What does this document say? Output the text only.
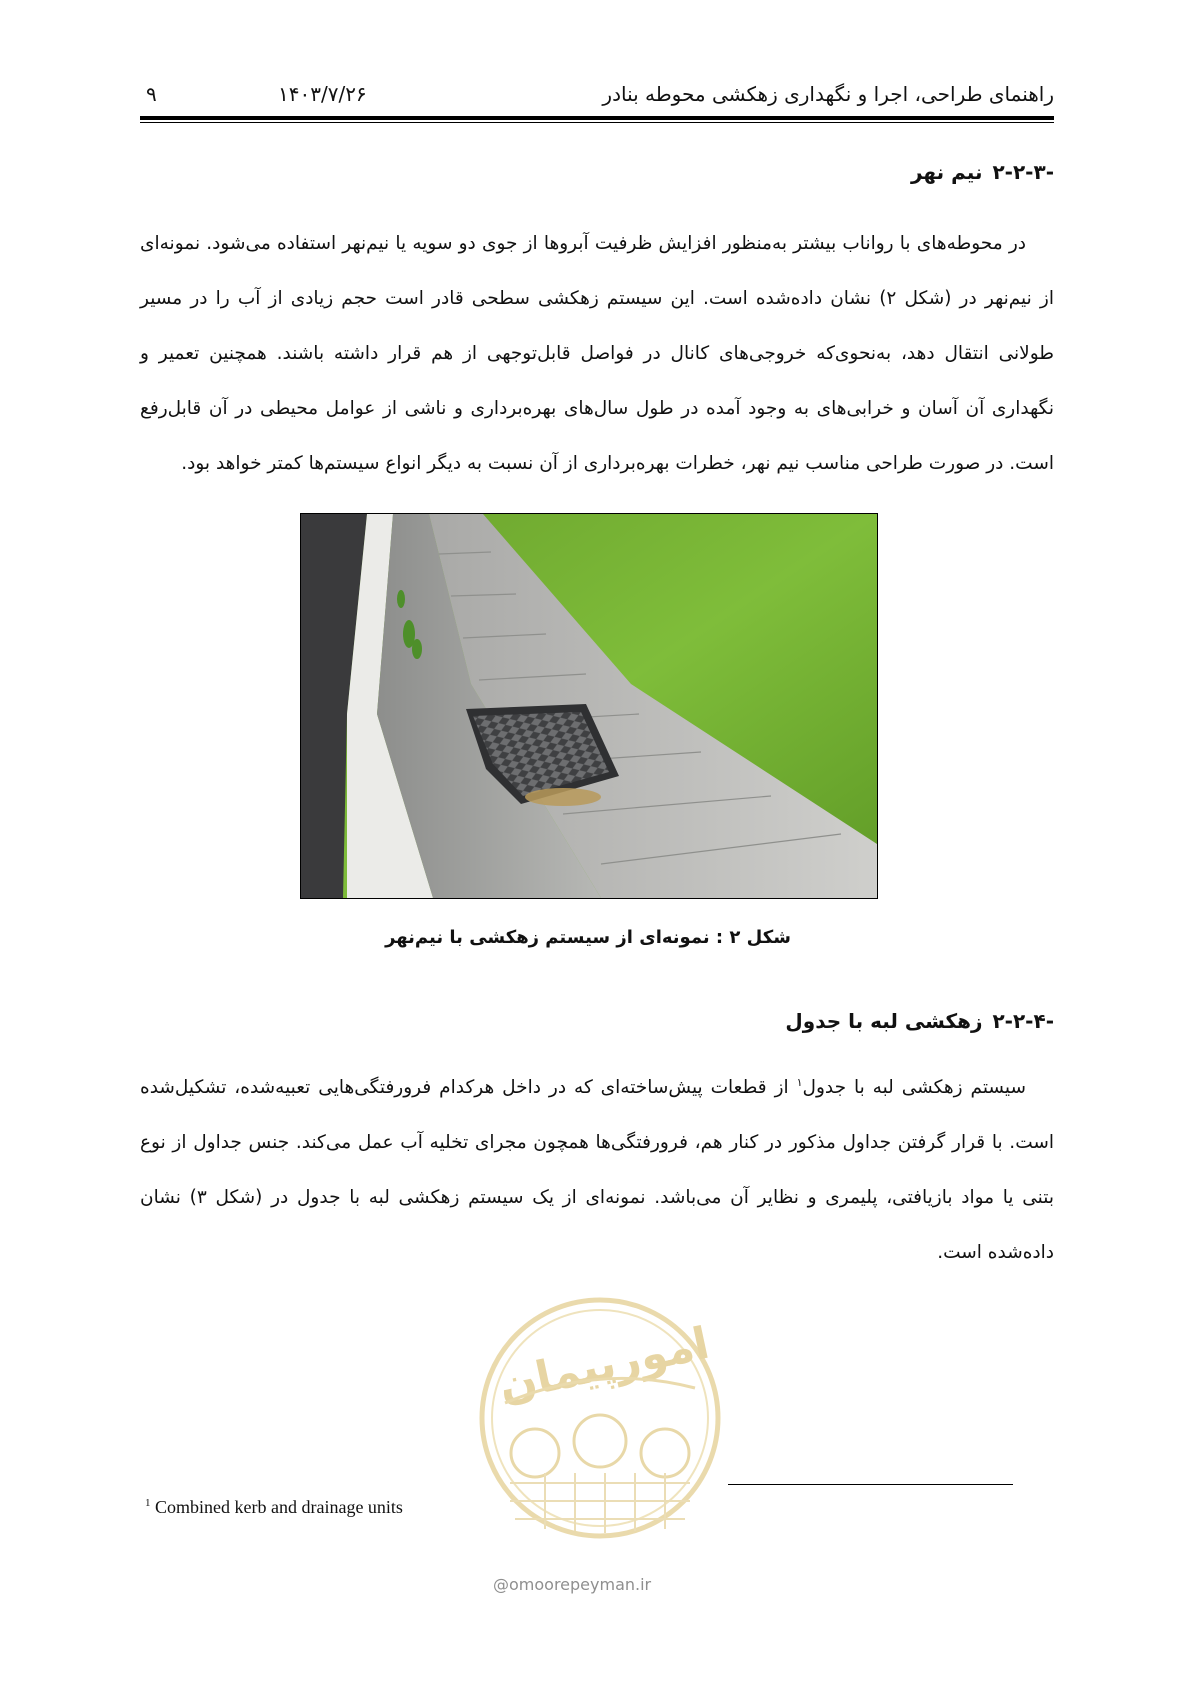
راهنمای طراحی، اجرا و نگهداری زهکشی محوطه بنادر
۱۴۰۳/۷/۲۶
۹
۲-۲-۳-نیم نهر
در محوطه‌های با رواناب بیشتر به‌منظور افزایش ظرفیت آبروها از جوی دو سویه یا نیم‌نهر استفاده می‌شود. نمونه‌ای از نیم‌نهر در (شکل ۲) نشان داده‌شده است. این سیستم زهکشی سطحی قادر است حجم زیادی از آب را در مسیر طولانی انتقال دهد، به‌نحوی‌که خروجی‌های کانال در فواصل قابل‌توجهی از هم قرار داشته باشند. همچنین تعمیر و نگهداری آن آسان و خرابی‌های به وجود آمده در طول سال‌های بهره‌برداری و ناشی از عوامل محیطی در آن قابل‌رفع است. در صورت طراحی مناسب نیم نهر، خطرات بهره‌برداری از آن نسبت به دیگر انواع سیستم‌ها کمتر خواهد بود.
شکل ۲ : نمونه‌ای از سیستم زهکشی با نیم‌نهر
۲-۲-۴-زهکشی لبه با جدول
سیستم زهکشی لبه با جدول$^۱$ از قطعات پیش‌ساخته‌ای که در داخل هرکدام فرورفتگی‌هایی تعبیه‌شده، تشکیل‌شده است. با قرار گرفتن جداول مذکور در کنار هم، فرورفتگی‌ها همچون مجرای تخلیه آب عمل می‌کند. جنس جداول از نوع بتنی یا مواد بازیافتی، پلیمری و نظایر آن می‌باشد. نمونه‌ای از یک سیستم زهکشی لبه با جدول در (شکل ۳) نشان داده‌شده است.
امورپیمان
@omoorepeyman.ir
$^1$ Combined kerb and drainage units
